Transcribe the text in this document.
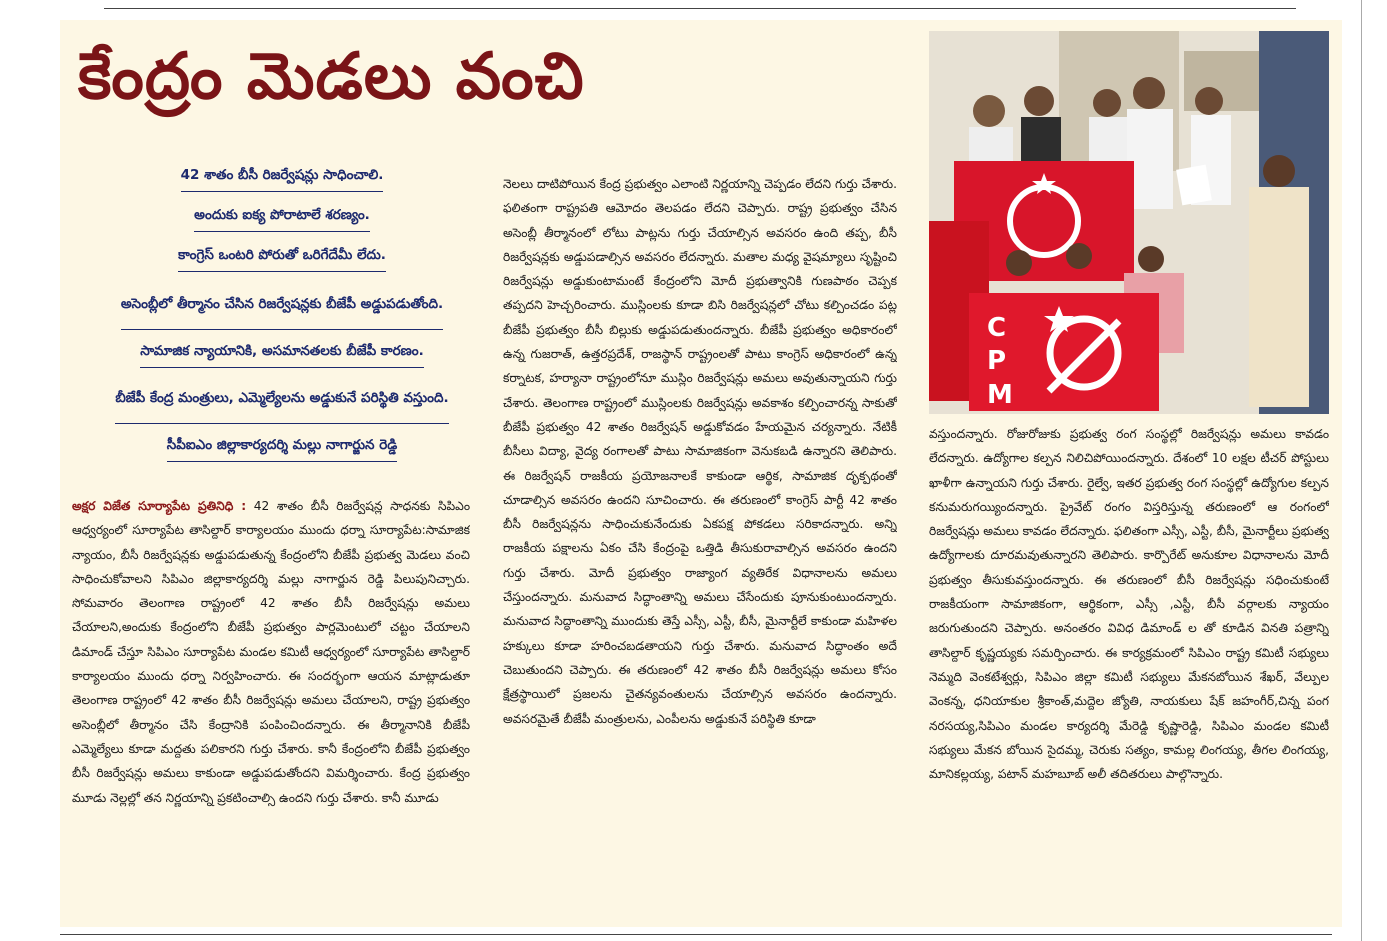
కేంద్రం మెడలు వంచి
C
P
M
42 శాతం బీసీ రిజర్వేషన్లు సాధించాలి.
అందుకు ఐక్య పోరాటాలే శరణ్యం.
కాంగ్రెస్ ఒంటరి పోరుతో ఒరిగేదేమీ లేదు.
అసెంబ్లీలో తీర్మానం చేసిన రిజర్వేషన్లకు బీజేపీ అడ్డుపడుతోంది.
సామాజిక న్యాయానికి, అసమానతలకు బీజేపీ కారణం.
బీజేపీ కేంద్ర మంత్రులు, ఎమ్మెల్యేలను అడ్డుకునే పరిస్థితి వస్తుంది.
సీపీఐఎం జిల్లాకార్యదర్శి మల్లు నాగార్జున రెడ్డి
అక్షర విజేత సూర్యాపేట ప్రతినిధి : 42 శాతం బీసీ రిజర్వేషన్ల సాధనకు సిపిఎం ఆధ్వర్యంలో సూర్యాపేట తాసిల్దార్ కార్యాలయం ముందు ధర్నా సూర్యాపేట:సామాజిక న్యాయం, బీసీ రిజర్వేషన్లకు అడ్డుపడుతున్న కేంద్రంలోని బీజేపీ ప్రభుత్వ మెడలు వంచి సాధించుకోవాలని సిపిఎం జిల్లాకార్యదర్శి మల్లు నాగార్జున రెడ్డి పిలుపునిచ్చారు. సోమవారం తెలంగాణ రాష్ట్రంలో 42 శాతం బీసీ రిజర్వేషన్లు అమలు చేయాలని,అందుకు కేంద్రంలోని బీజేపీ ప్రభుత్వం పార్లమెంటులో చట్టం చేయాలని డిమాండ్ చేస్తూ సిపిఎం సూర్యాపేట మండల కమిటీ ఆధ్వర్యంలో సూర్యాపేట తాసిల్దార్ కార్యాలయం ముందు ధర్నా నిర్వహించారు. ఈ సందర్భంగా ఆయన మాట్లాడుతూ తెలంగాణ రాష్ట్రంలో 42 శాతం బీసీ రిజర్వేషన్లు అమలు చేయాలని, రాష్ట్ర ప్రభుత్వం అసెంబ్లీలో తీర్మానం చేసి కేంద్రానికి పంపించిందన్నారు. ఈ తీర్మానానికి బీజేపీ ఎమ్మెల్యేలు కూడా మద్దతు పలికారని గుర్తు చేశారు. కానీ కేంద్రంలోని బీజేపీ ప్రభుత్వం బీసీ రిజర్వేషన్లు అమలు కాకుండా అడ్డుపడుతోందని విమర్శించారు. కేంద్ర ప్రభుత్వం మూడు నెల్లల్లో తన నిర్ణయాన్ని ప్రకటించాల్సి ఉందని గుర్తు చేశారు. కానీ మూడు
నెలలు దాటిపోయిన కేంద్ర ప్రభుత్వం ఎలాంటి నిర్ణయాన్ని చెప్పడం లేదని గుర్తు చేశారు. ఫలితంగా రాష్ట్రపతి ఆమోదం తెలపడం లేదని చెప్పారు. రాష్ట్ర ప్రభుత్వం చేసిన అసెంబ్లీ తీర్మానంలో లోటు పాట్లను గుర్తు చేయాల్సిన అవసరం ఉంది తప్ప, బీసీ రిజర్వేషన్లకు అడ్డుపడాల్సిన అవసరం లేదన్నారు. మతాల మధ్య వైషమ్యాలు సృష్టించి రిజర్వేషన్లు అడ్డుకుంటామంటే కేంద్రంలోని మోదీ ప్రభుత్వానికి గుణపాఠం చెప్పక తప్పదని హెచ్చరించారు. ముస్లింలకు కూడా బిసి రిజర్వేషన్లలో చోటు కల్పించడం పట్ల బీజేపీ ప్రభుత్వం బీసీ బిల్లుకు అడ్డుపడుతుందన్నారు. బీజేపీ ప్రభుత్వం అధికారంలో ఉన్న గుజరాత్, ఉత్తరప్రదేశ్, రాజస్థాన్ రాష్ట్రంలతో పాటు కాంగ్రెస్ అధికారంలో ఉన్న కర్నాటక, హర్యానా రాష్ట్రంలోనూ ముస్లిం రిజర్వేషన్లు అమలు అవుతున్నాయని గుర్తు చేశారు. తెలంగాణ రాష్ట్రంలో ముస్లింలకు రిజర్వేషన్లు అవకాశం కల్పించారన్న సాకుతో బీజేపీ ప్రభుత్వం 42 శాతం రిజర్వేషన్ అడ్డుకోవడం హేయమైన చర్యన్నారు. నేటికీ బీసీలు విద్యా, వైద్య రంగాలతో పాటు సామాజికంగా వెనుకబడి ఉన్నారని తెలిపారు. ఈ రిజర్వేషన్ రాజకీయ ప్రయోజనాలకే కాకుండా ఆర్థిక, సామాజిక దృక్పథంతో చూడాల్సిన అవసరం ఉందని సూచించారు. ఈ తరుణంలో కాంగ్రెస్ పార్టీ 42 శాతం బీసీ రిజర్వేషన్లను సాధించుకునేందుకు ఏకపక్ష పోకడలు సరికాదన్నారు. అన్ని రాజకీయ పక్షాలను ఏకం చేసి కేంద్రంపై ఒత్తిడి తీసుకురావాల్సిన అవసరం ఉందని గుర్తు చేశారు. మోదీ ప్రభుత్వం రాజ్యాంగ వ్యతిరేక విధానాలను అమలు చేస్తుందన్నారు. మనువాద సిద్ధాంతాన్ని అమలు చేసేందుకు పూనుకుంటుందన్నారు. మనువాద సిద్ధాంతాన్ని ముందుకు తెస్తే ఎస్సీ, ఎస్టీ, బీసీ, మైనార్టీలే కాకుండా మహిళల హక్కులు కూడా హరించబడతాయని గుర్తు చేశారు. మనువాద సిద్ధాంతం అదే చెబుతుందని చెప్పారు. ఈ తరుణంలో 42 శాతం బీసీ రిజర్వేషన్లు అమలు కోసం క్షేత్రస్థాయిలో ప్రజలను చైతన్యవంతులను చేయాల్సిన అవసరం ఉందన్నారు. అవసరమైతే బీజేపీ మంత్రులను, ఎంపీలను అడ్డుకునే పరిస్థితి కూడా
వస్తుందన్నారు. రోజురోజుకు ప్రభుత్వ రంగ సంస్థల్లో రిజర్వేషన్లు అమలు కావడం లేదన్నారు. ఉద్యోగాల కల్పన నిలిచిపోయిందన్నారు. దేశంలో 10 లక్షల టీచర్ పోస్టులు ఖాళీగా ఉన్నాయని గుర్తు చేశారు. రైల్వే, ఇతర ప్రభుత్వ రంగ సంస్థల్లో ఉద్యోగుల కల్పన కనుమరుగయ్యిందన్నారు. ప్రైవేట్ రంగం విస్తరిస్తున్న తరుణంలో ఆ రంగంలో రిజర్వేషన్లు అమలు కావడం లేదన్నారు. ఫలితంగా ఎస్సీ, ఎస్టీ, బీసీ, మైనార్టీలు ప్రభుత్వ ఉద్యోగాలకు దూరమవుతున్నారని తెలిపారు. కార్పొరేట్ అనుకూల విధానాలను మోదీ ప్రభుత్వం తీసుకువస్తుందన్నారు. ఈ తరుణంలో బీసీ రిజర్వేషన్లు సధించుకుంటే రాజకీయంగా సామాజికంగా, ఆర్థికంగా, ఎస్సీ ,ఎస్టీ, బీసీ వర్గాలకు న్యాయం జరుగుతుందని చెప్పారు. అనంతరం వివిధ డిమాండ్ ల తో కూడిన వినతి పత్రాన్ని తాసిల్దార్ కృష్ణయ్యకు సమర్పించారు. ఈ కార్యక్రమంలో సిపిఎం రాష్ట్ర కమిటీ సభ్యులు నెమ్మది వెంకటేశ్వర్లు, సిపిఎం జిల్లా కమిటీ సభ్యులు మేకనబోయిన శేఖర్, వేల్పుల వెంకన్న, ధనియాకుల శ్రీకాంత్,మద్దెల జ్యోతి, నాయకులు షేక్ జహంగీర్,చిన్న పంగ నరసయ్య,సిపిఎం మండల కార్యదర్శి మేరెడ్డి కృష్ణారెడ్డి, సిపిఎం మండల కమిటీ సభ్యులు మేకన బోయిన సైదమ్మ, చెరుకు సత్యం, కామల్ల లింగయ్య, తీగల లింగయ్య, మానికల్లయ్య, పటాన్ మహబూబ్ అలీ తదితరులు పాల్గొన్నారు.
